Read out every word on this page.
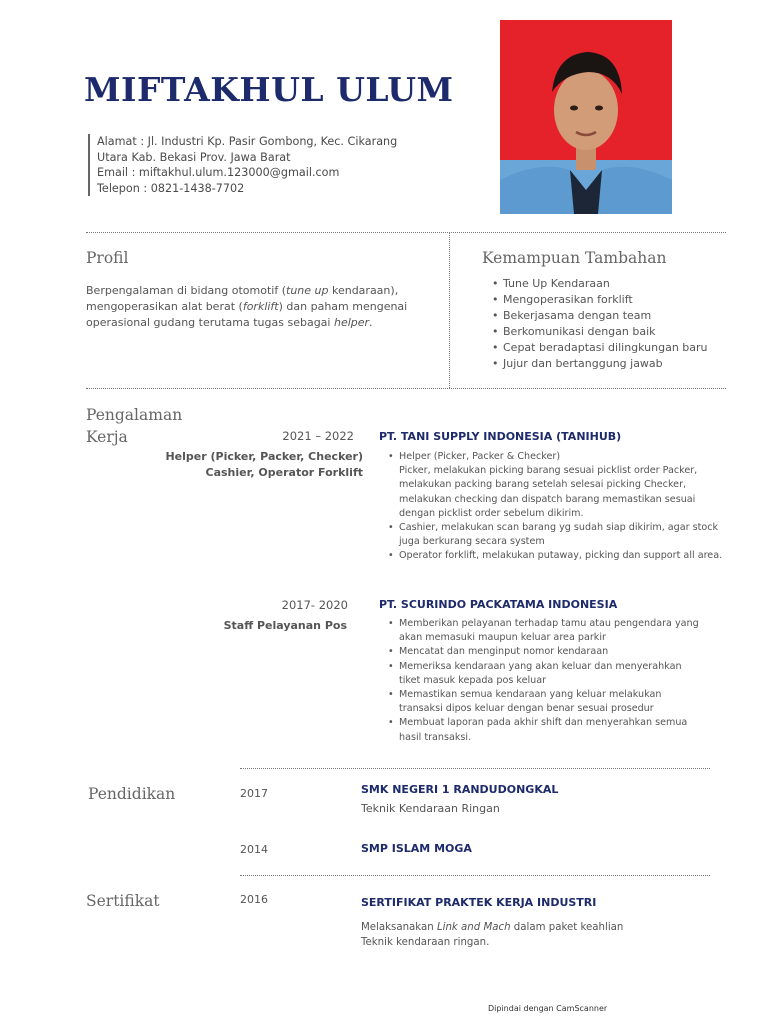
MIFTAKHUL ULUM
Alamat : Jl. Industri Kp. Pasir Gombong, Kec. Cikarang
Utara Kab. Bekasi Prov. Jawa Barat
Email : miftakhul.ulum.123000@gmail.com
Telepon : 0821-1438-7702
Profil
Berpengalaman di bidang otomotif (tune up kendaraan), mengoperasikan alat berat (forklift) dan paham mengenai operasional gudang terutama tugas sebagai helper.
Kemampuan Tambahan
• Tune Up Kendaraan
• Mengoperasikan forklift
• Bekerjasama dengan team
• Berkomunikasi dengan baik
• Cepat beradaptasi dilingkungan baru
• Jujur dan bertanggung jawab
Pengalaman
Kerja	2021 – 2022
Helper (Picker, Packer, Checker)
Cashier, Operator Forklift
PT. TANI SUPPLY INDONESIA (TANIHUB)
• Helper (Picker, Packer & Checker)
Picker, melakukan picking barang sesuai picklist order Packer, melakukan packing barang setelah selesai picking Checker, melakukan checking dan dispatch barang memastikan sesuai dengan picklist order sebelum dikirim.
• Cashier, melakukan scan barang yg sudah siap dikirim, agar stock juga berkurang secara system
• Operator forklift, melakukan putaway, picking dan support all area.
2017- 2020
Staff Pelayanan Pos
PT. SCURINDO PACKATAMA INDONESIA
• Memberikan pelayanan terhadap tamu atau pengendara yang akan memasuki maupun keluar area parkir
• Mencatat dan menginput nomor kendaraan
• Memeriksa kendaraan yang akan keluar dan menyerahkan tiket masuk kepada pos keluar
• Memastikan semua kendaraan yang keluar melakukan transaksi dipos keluar dengan benar sesuai prosedur
• Membuat laporan pada akhir shift dan menyerahkan semua hasil transaksi.
Pendidikan	2017	SMK NEGERI 1 RANDUDONGKAL
Teknik Kendaraan Ringan
2014	SMP ISLAM MOGA
Sertifikat	2016	SERTIFIKAT PRAKTEK KERJA INDUSTRI
Melaksanakan Link and Mach dalam paket keahlian Teknik kendaraan ringan.
Dipindai dengan CamScanner
